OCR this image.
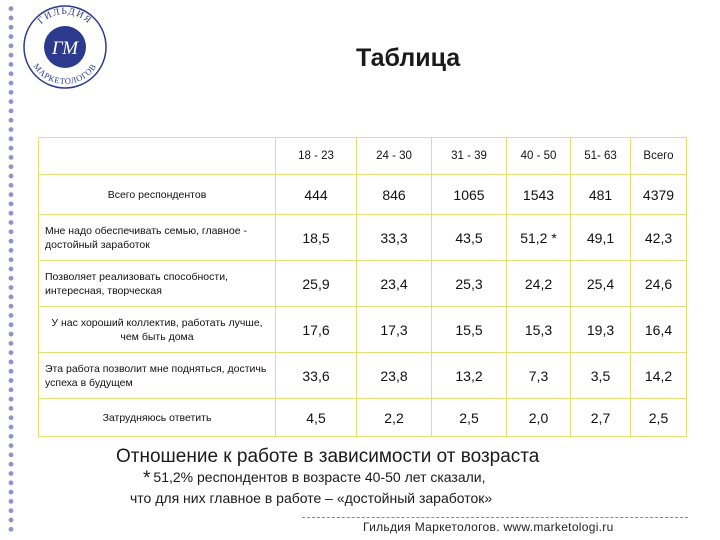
ГМ
ГИЛЬДИЯ
МАРКЕТОЛОГОВ	Таблица
	18 - 23	24 - 30	31 - 39	40 - 50	51- 63	Всего
Всего респондентов	444	846	1065	1543	481	4379
Мне надо обеспечивать семью, главное - достойный заработок	18,5	33,3	43,5	51,2 *	49,1	42,3
Позволяет реализовать способности, интересная, творческая	25,9	23,4	25,3	24,2	25,4	24,6
У нас хороший коллектив, работать лучше, чем быть дома	17,6	17,3	15,5	15,3	19,3	16,4
Эта работа позволит мне подняться, достичь успеха в будущем	33,6	23,8	13,2	7,3	3,5	14,2
Затрудняюсь ответить	4,5	2,2	2,5	2,0	2,7	2,5
Отношение к работе в зависимости от возраста
* 51,2% респондентов в возрасте 40-50 лет сказали,
что для них главное в работе – «достойный заработок»
Гильдия Маркетологов. www.marketologi.ru
